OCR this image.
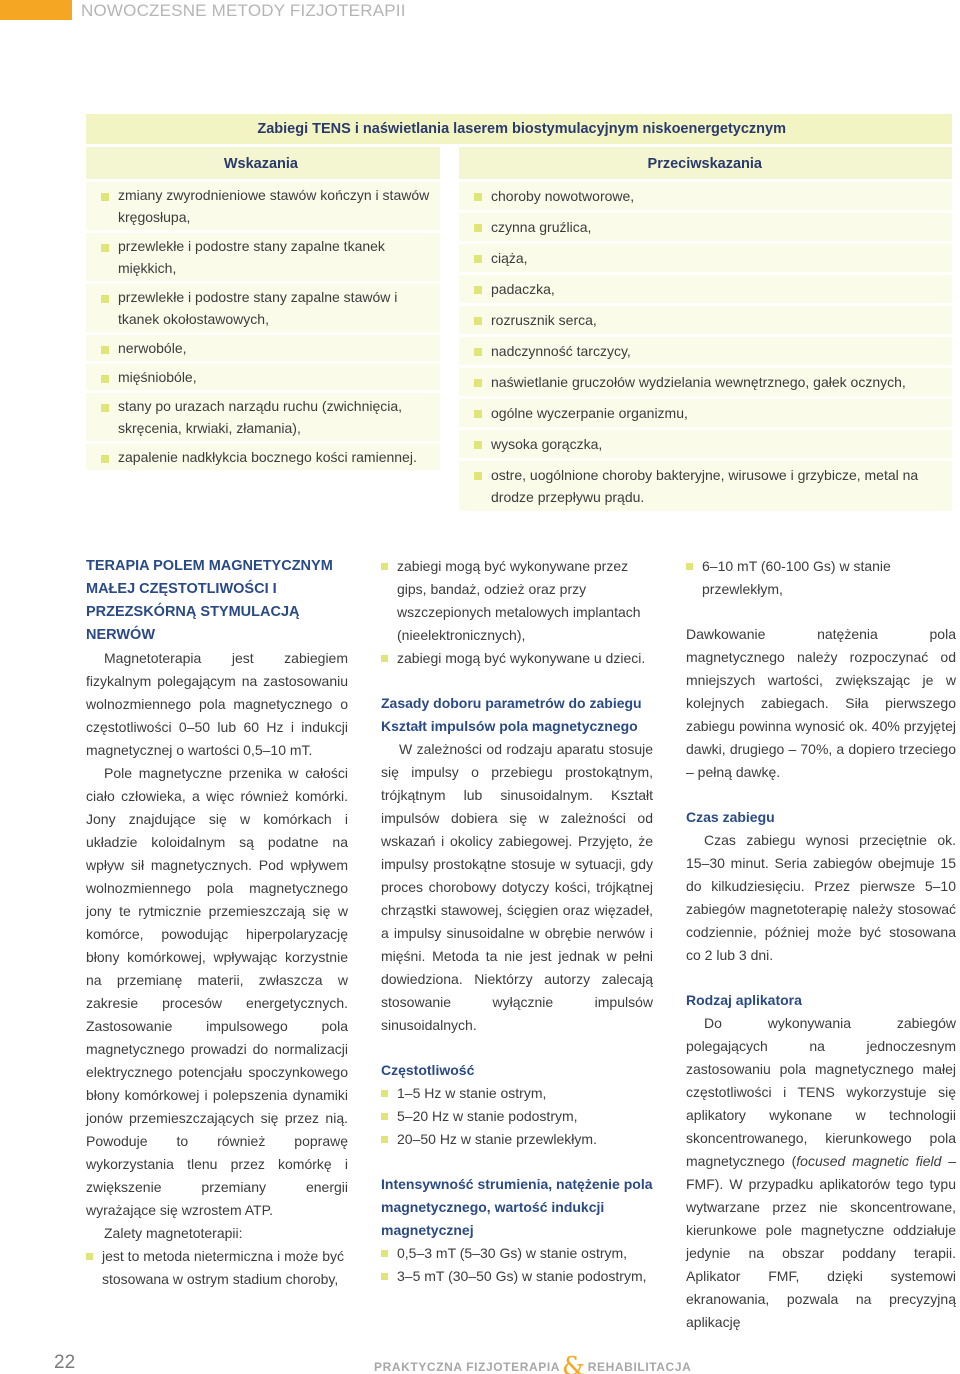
NOWOCZESNE METODY FIZJOTERAPII
Zabiegi TENS i naświetlania laserem biostymulacyjnym niskoenergetycznym
Wskazania
zmiany zwyrodnieniowe stawów kończyn i stawów kręgosłupa,
przewlekłe i podostre stany zapalne tkanek miękkich,
przewlekłe i podostre stany zapalne stawów i tkanek okołostawowych,
nerwobóle,
mięśniobóle,
stany po urazach narządu ruchu (zwichnięcia, skręcenia, krwiaki, złamania),
zapalenie nadkłykcia bocznego kości ramiennej.
Przeciwskazania
choroby nowotworowe,
czynna gruźlica,
ciąża,
padaczka,
rozrusznik serca,
nadczynność tarczycy,
naświetlanie gruczołów wydzielania wewnętrznego, gałek ocznych,
ogólne wyczerpanie organizmu,
wysoka gorączka,
ostre, uogólnione choroby bakteryjne, wirusowe i grzybicze, metal na drodze przepływu prądu.
TERAPIA POLEM MAGNETYCZNYM MAŁEJ CZĘSTOTLIWOŚCI I PRZEZSKÓRNĄ STYMULACJĄ NERWÓW

Magnetoterapia jest zabiegiem fizykalnym polegającym na zastosowaniu wolnozmiennego pola magnetycznego o częstotliwości 0–50 lub 60 Hz i indukcji magnetycznej o wartości 0,5–10 mT.

Pole magnetyczne przenika w całości ciało człowieka, a więc również komórki. Jony znajdujące się w komórkach i układzie koloidalnym są podatne na wpływ sił magnetycznych. Pod wpływem wolnozmiennego pola magnetycznego jony te rytmicznie przemieszczają się w komórce, powodując hiperpolaryzację błony komórkowej, wpływając korzystnie na przemianę materii, zwłaszcza w zakresie procesów energetycznych. Zastosowanie impulsowego pola magnetycznego prowadzi do normalizacji elektrycznego potencjału spoczynkowego błony komórkowej i polepszenia dynamiki jonów przemieszczających się przez nią. Powoduje to również poprawę wykorzystania tlenu przez komórkę i zwiększenie przemiany energii wyrażające się wzrostem ATP.

Zalety magnetoterapii:

jest to metoda nietermiczna i może być stosowana w ostrym stadium choroby,
zabiegi mogą być wykonywane przez gips, bandaż, odzież oraz przy wszczepionych metalowych implantach (nieelektronicznych),
zabiegi mogą być wykonywane u dzieci.
Zasady doboru parametrów do zabiegu
Kształt impulsów pola magnetycznego

W zależności od rodzaju aparatu stosuje się impulsy o przebiegu prostokątnym, trójkątnym lub sinusoidalnym. Kształt impulsów dobiera się w zależności od wskazań i okolicy zabiegowej. Przyjęto, że impulsy prostokątne stosuje w sytuacji, gdy proces chorobowy dotyczy kości, trójkątnej chrząstki stawowej, ścięgien oraz więzadeł, a impulsy sinusoidalne w obrębie nerwów i mięśni. Metoda ta nie jest jednak w pełni dowiedziona. Niektórzy autorzy zalecają stosowanie wyłącznie impulsów sinusoidalnych.

Częstotliwość
1–5 Hz w stanie ostrym,
5–20 Hz w stanie podostrym,
20–50 Hz w stanie przewlekłym.
Intensywność strumienia, natężenie pola magnetycznego, wartość indukcji magnetycznej
0,5–3 mT (5–30 Gs) w stanie ostrym,
3–5 mT (30–50 Gs) w stanie podostrym,
6–10 mT (60-100 Gs) w stanie przewlekłym,

Dawkowanie natężenia pola magnetycznego należy rozpoczynać od mniejszych wartości, zwiększając je w kolejnych zabiegach. Siła pierwszego zabiegu powinna wynosić ok. 40% przyjętej dawki, drugiego – 70%, a dopiero trzeciego – pełną dawkę.

Czas zabiegu

Czas zabiegu wynosi przeciętnie ok. 15–30 minut. Seria zabiegów obejmuje 15 do kilkudziesięciu. Przez pierwsze 5–10 zabiegów magnetoterapię należy stosować codziennie, później może być stosowana co 2 lub 3 dni.

Rodzaj aplikatora

Do wykonywania zabiegów polegających na jednoczesnym zastosowaniu pola magnetycznego małej częstotliwości i TENS wykorzystuje się aplikatory wykonane w technologii skoncentrowanego, kierunkowego pola magnetycznego (focused magnetic field – FMF). W przypadku aplikatorów tego typu wytwarzane przez nie skoncentrowane, kierunkowe pole magnetyczne oddziałuje jedynie na obszar poddany terapii. Aplikator FMF, dzięki systemowi ekranowania, pozwala na precyzyjną aplikację

22	PRAKTYCZNA FIZJOTERAPIA& REHABILITACJA
